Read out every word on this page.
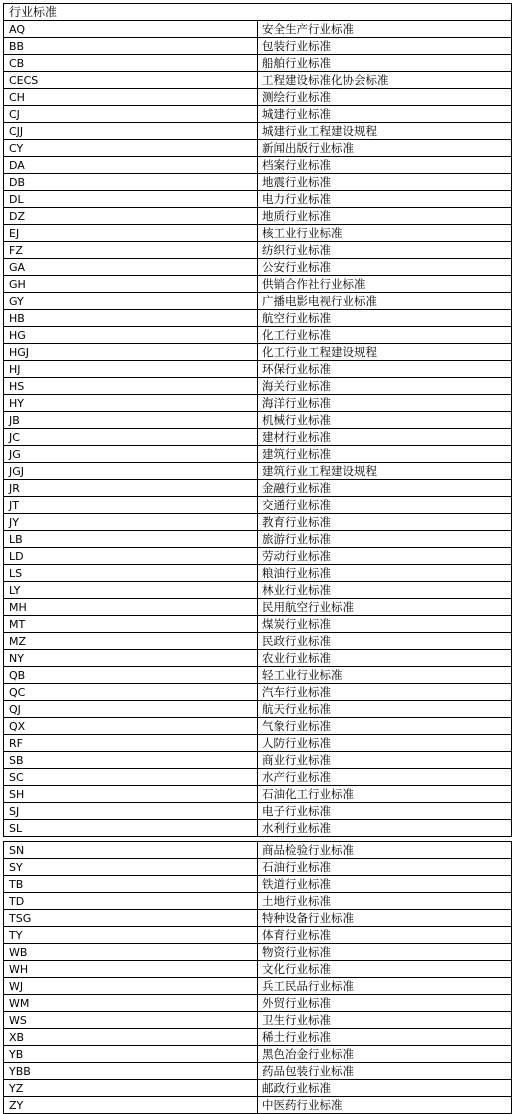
行业标准	
AQ	安全生产行业标准
BB	包装行业标准
CB	船舶行业标准
CECS	工程建设标准化协会标准
CH	测绘行业标准
CJ	城建行业标准
CJJ	城建行业工程建设规程
CY	新闻出版行业标准
DA	档案行业标准
DB	地震行业标准
DL	电力行业标准
DZ	地质行业标准
EJ	核工业行业标准
FZ	纺织行业标准
GA	公安行业标准
GH	供销合作社行业标准
GY	广播电影电视行业标准
HB	航空行业标准
HG	化工行业标准
HGJ	化工行业工程建设规程
HJ	环保行业标准
HS	海关行业标准
HY	海洋行业标准
JB	机械行业标准
JC	建材行业标准
JG	建筑行业标准
JGJ	建筑行业工程建设规程
JR	金融行业标准
JT	交通行业标准
JY	教育行业标准
LB	旅游行业标准
LD	劳动行业标准
LS	粮油行业标准
LY	林业行业标准
MH	民用航空行业标准
MT	煤炭行业标准
MZ	民政行业标准
NY	农业行业标准
QB	轻工业行业标准
QC	汽车行业标准
QJ	航天行业标准
QX	气象行业标准
RF	人防行业标准
SB	商业行业标准
SC	水产行业标准
SH	石油化工行业标准
SJ	电子行业标准
SL	水利行业标准
SN	商品检验行业标准
SY	石油行业标准
TB	铁道行业标准
TD	土地行业标准
TSG	特种设备行业标准
TY	体育行业标准
WB	物资行业标准
WH	文化行业标准
WJ	兵工民品行业标准
WM	外贸行业标准
WS	卫生行业标准
XB	稀土行业标准
YB	黑色冶金行业标准
YBB	药品包装行业标准
YZ	邮政行业标准
ZY	中医药行业标准
